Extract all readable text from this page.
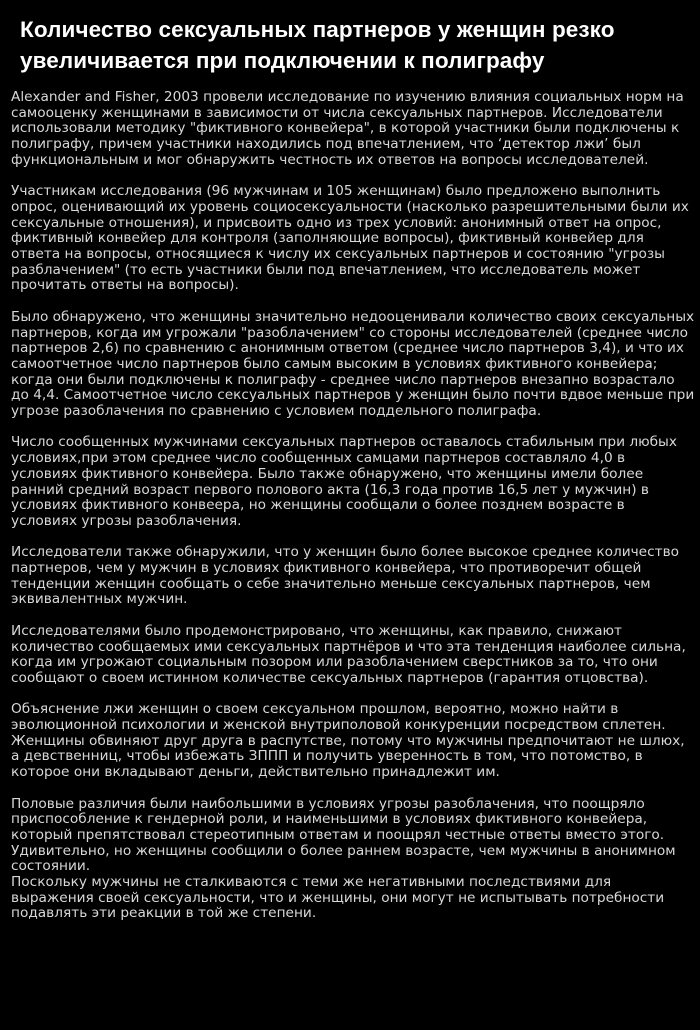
Количество сексуальных партнеров у женщин резко увеличивается при подключении к полиграфу

Alexander and Fisher, 2003 провели исследование по изучению влияния социальных норм на самооценку женщинами в зависимости от числа сексуальных партнеров. Исследователи использовали методику "фиктивного конвейера", в которой участники были подключены к полиграфу, причем участники находились под впечатлением, что ‘детектор лжи’ был функциональным и мог обнаружить честность их ответов на вопросы исследователей.

Участникам исследования (96 мужчинам и 105 женщинам) было предложено выполнить опрос, оценивающий их уровень социосексуальности (насколько разрешительными были их сексуальные отношения), и присвоить одно из трех условий: анонимный ответ на опрос, фиктивный конвейер для контроля (заполняющие вопросы), фиктивный конвейер для ответа на вопросы, относящиеся к числу их сексуальных партнеров и состоянию "угрозы разблачением" (то есть участники были под впечатлением, что исследователь может прочитать ответы на вопросы).

Было обнаружено, что женщины значительно недооценивали количество своих сексуальных партнеров, когда им угрожали "разоблачением" со стороны исследователей (среднее число партнеров 2,6) по сравнению с анонимным ответом (среднее число партнеров 3,4), и что их самоотчетное число партнеров было самым высоким в условиях фиктивного конвейера; когда они были подключены к полиграфу - среднее число партнеров внезапно возрастало до 4,4. Самоотчетное число сексуальных партнеров у женщин было почти вдвое меньше при угрозе разоблачения по сравнению с условием поддельного полиграфа.

Число сообщенных мужчинами сексуальных партнеров оставалось стабильным при любых условиях,при этом среднее число сообщенных самцами партнеров составляло 4,0 в условиях фиктивного конвейера. Было также обнаружено, что женщины имели более ранний средний возраст первого полового акта (16,3 года против 16,5 лет у мужчин) в условиях фиктивного конвеера, но женщины сообщали о более позднем возрасте в условиях угрозы разоблачения.

Исследователи также обнаружили, что у женщин было более высокое среднее количество партнеров, чем у мужчин в условиях фиктивного конвейера, что противоречит общей тенденции женщин сообщать о себе значительно меньше сексуальных партнеров, чем эквивалентных мужчин.

Исследователями было продемонстрировано, что женщины, как правило, снижают количество сообщаемых ими сексуальных партнёров и что эта тенденция наиболее сильна, когда им угрожают социальным позором или разоблачением сверстников за то, что они сообщают о своем истинном количестве сексуальных партнеров (гарантия отцовства).

Объяснение лжи женщин о своем сексуальном прошлом, вероятно, можно найти в эволюционной психологии и женской внутриполовой конкуренции посредством сплетен. Женщины обвиняют друг друга в распутстве, потому что мужчины предпочитают не шлюх, а девственниц, чтобы избежать ЗППП и получить уверенность в том, что потомство, в которое они вкладывают деньги, действительно принадлежит им.

Половые различия были наибольшими в условиях угрозы разоблачения, что поощряло приспособление к гендерной роли, и наименьшими в условиях фиктивного конвейера, который препятствовал стереотипным ответам и поощрял честные ответы вместо этого.

Удивительно, но женщины сообщили о более раннем возрасте, чем мужчины в анонимном состоянии.

Поскольку мужчины не сталкиваются с теми же негативными последствиями для выражения своей сексуальности, что и женщины, они могут не испытывать потребности подавлять эти реакции в той же степени.
